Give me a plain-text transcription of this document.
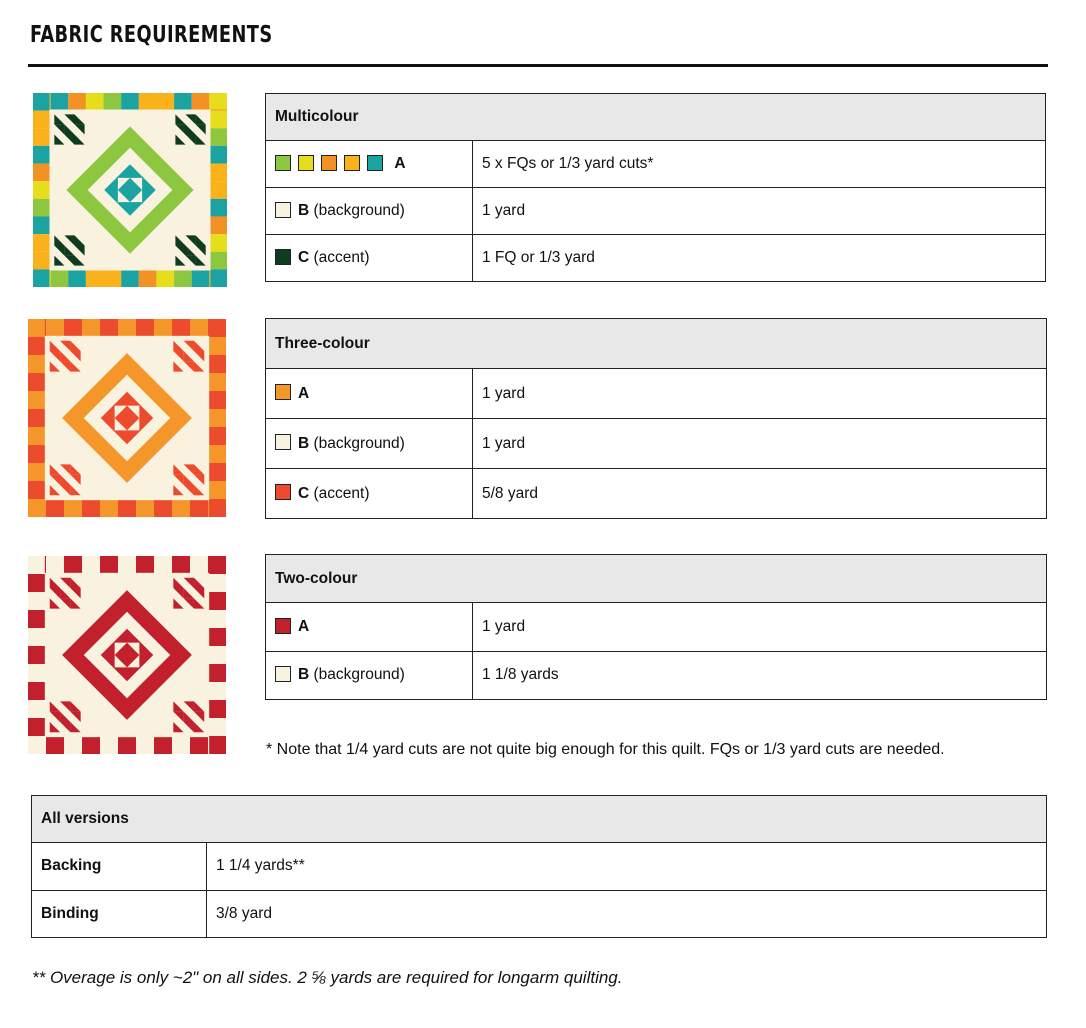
FABRIC REQUIREMENTS
Multicolour	
A	5 x FQs or 1/3 yard cuts*
B (background)	1 yard
C (accent)	1 FQ or 1/3 yard
Three-colour	
A	1 yard
B (background)	1 yard
C (accent)	5/8 yard
Two-colour	
A	1 yard
B (background)	1 1/8 yards
* Note that 1/4 yard cuts are not quite big enough for this quilt. FQs or 1/3 yard cuts are needed.
All versions	
Backing	1 1/4 yards**
Binding	3/8 yard
** Overage is only ~2" on all sides. 2 ⅝ yards are required for longarm quilting.
